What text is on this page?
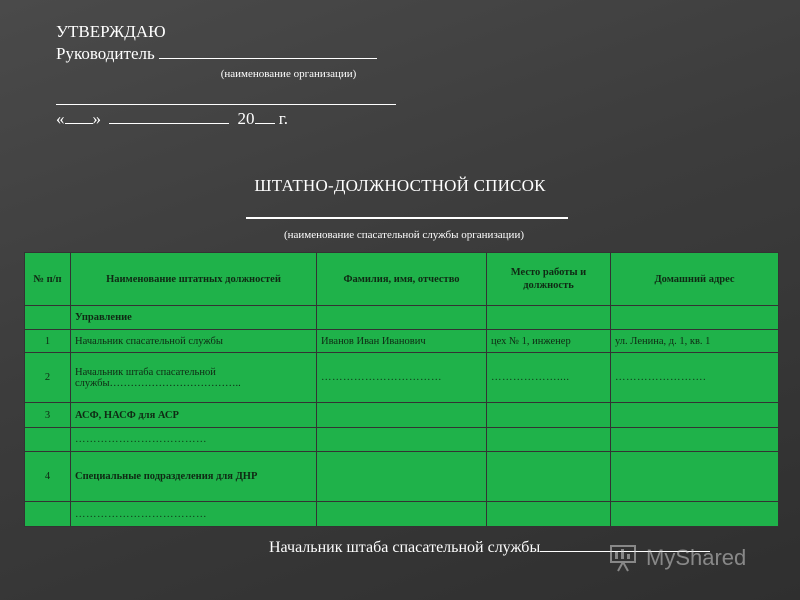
УТВЕРЖДАЮ
Руководитель
(наименование организации)
« »	20 г.
ШТАТНО-ДОЛЖНОСТНОЙ СПИСОК
(наименование спасательной службы организации)
№ п/п	Наименование штатных должностей	Фамилия, имя, отчество	Место работы и должность	Домашний адрес
	Управление			
1	Начальник спасательной службы	Иванов Иван Иванович	цех № 1, инженер	ул. Ленина, д. 1, кв. 1
2	Начальник штаба спасательной службы………………………………..	……………………………	………………....	…………………….
3	АСФ, НАСФ для АСР			
	………………………………			
4	Специальные подразделения для ДНР			
	………………………………			
Начальник штаба спасательной службы	MyShared
